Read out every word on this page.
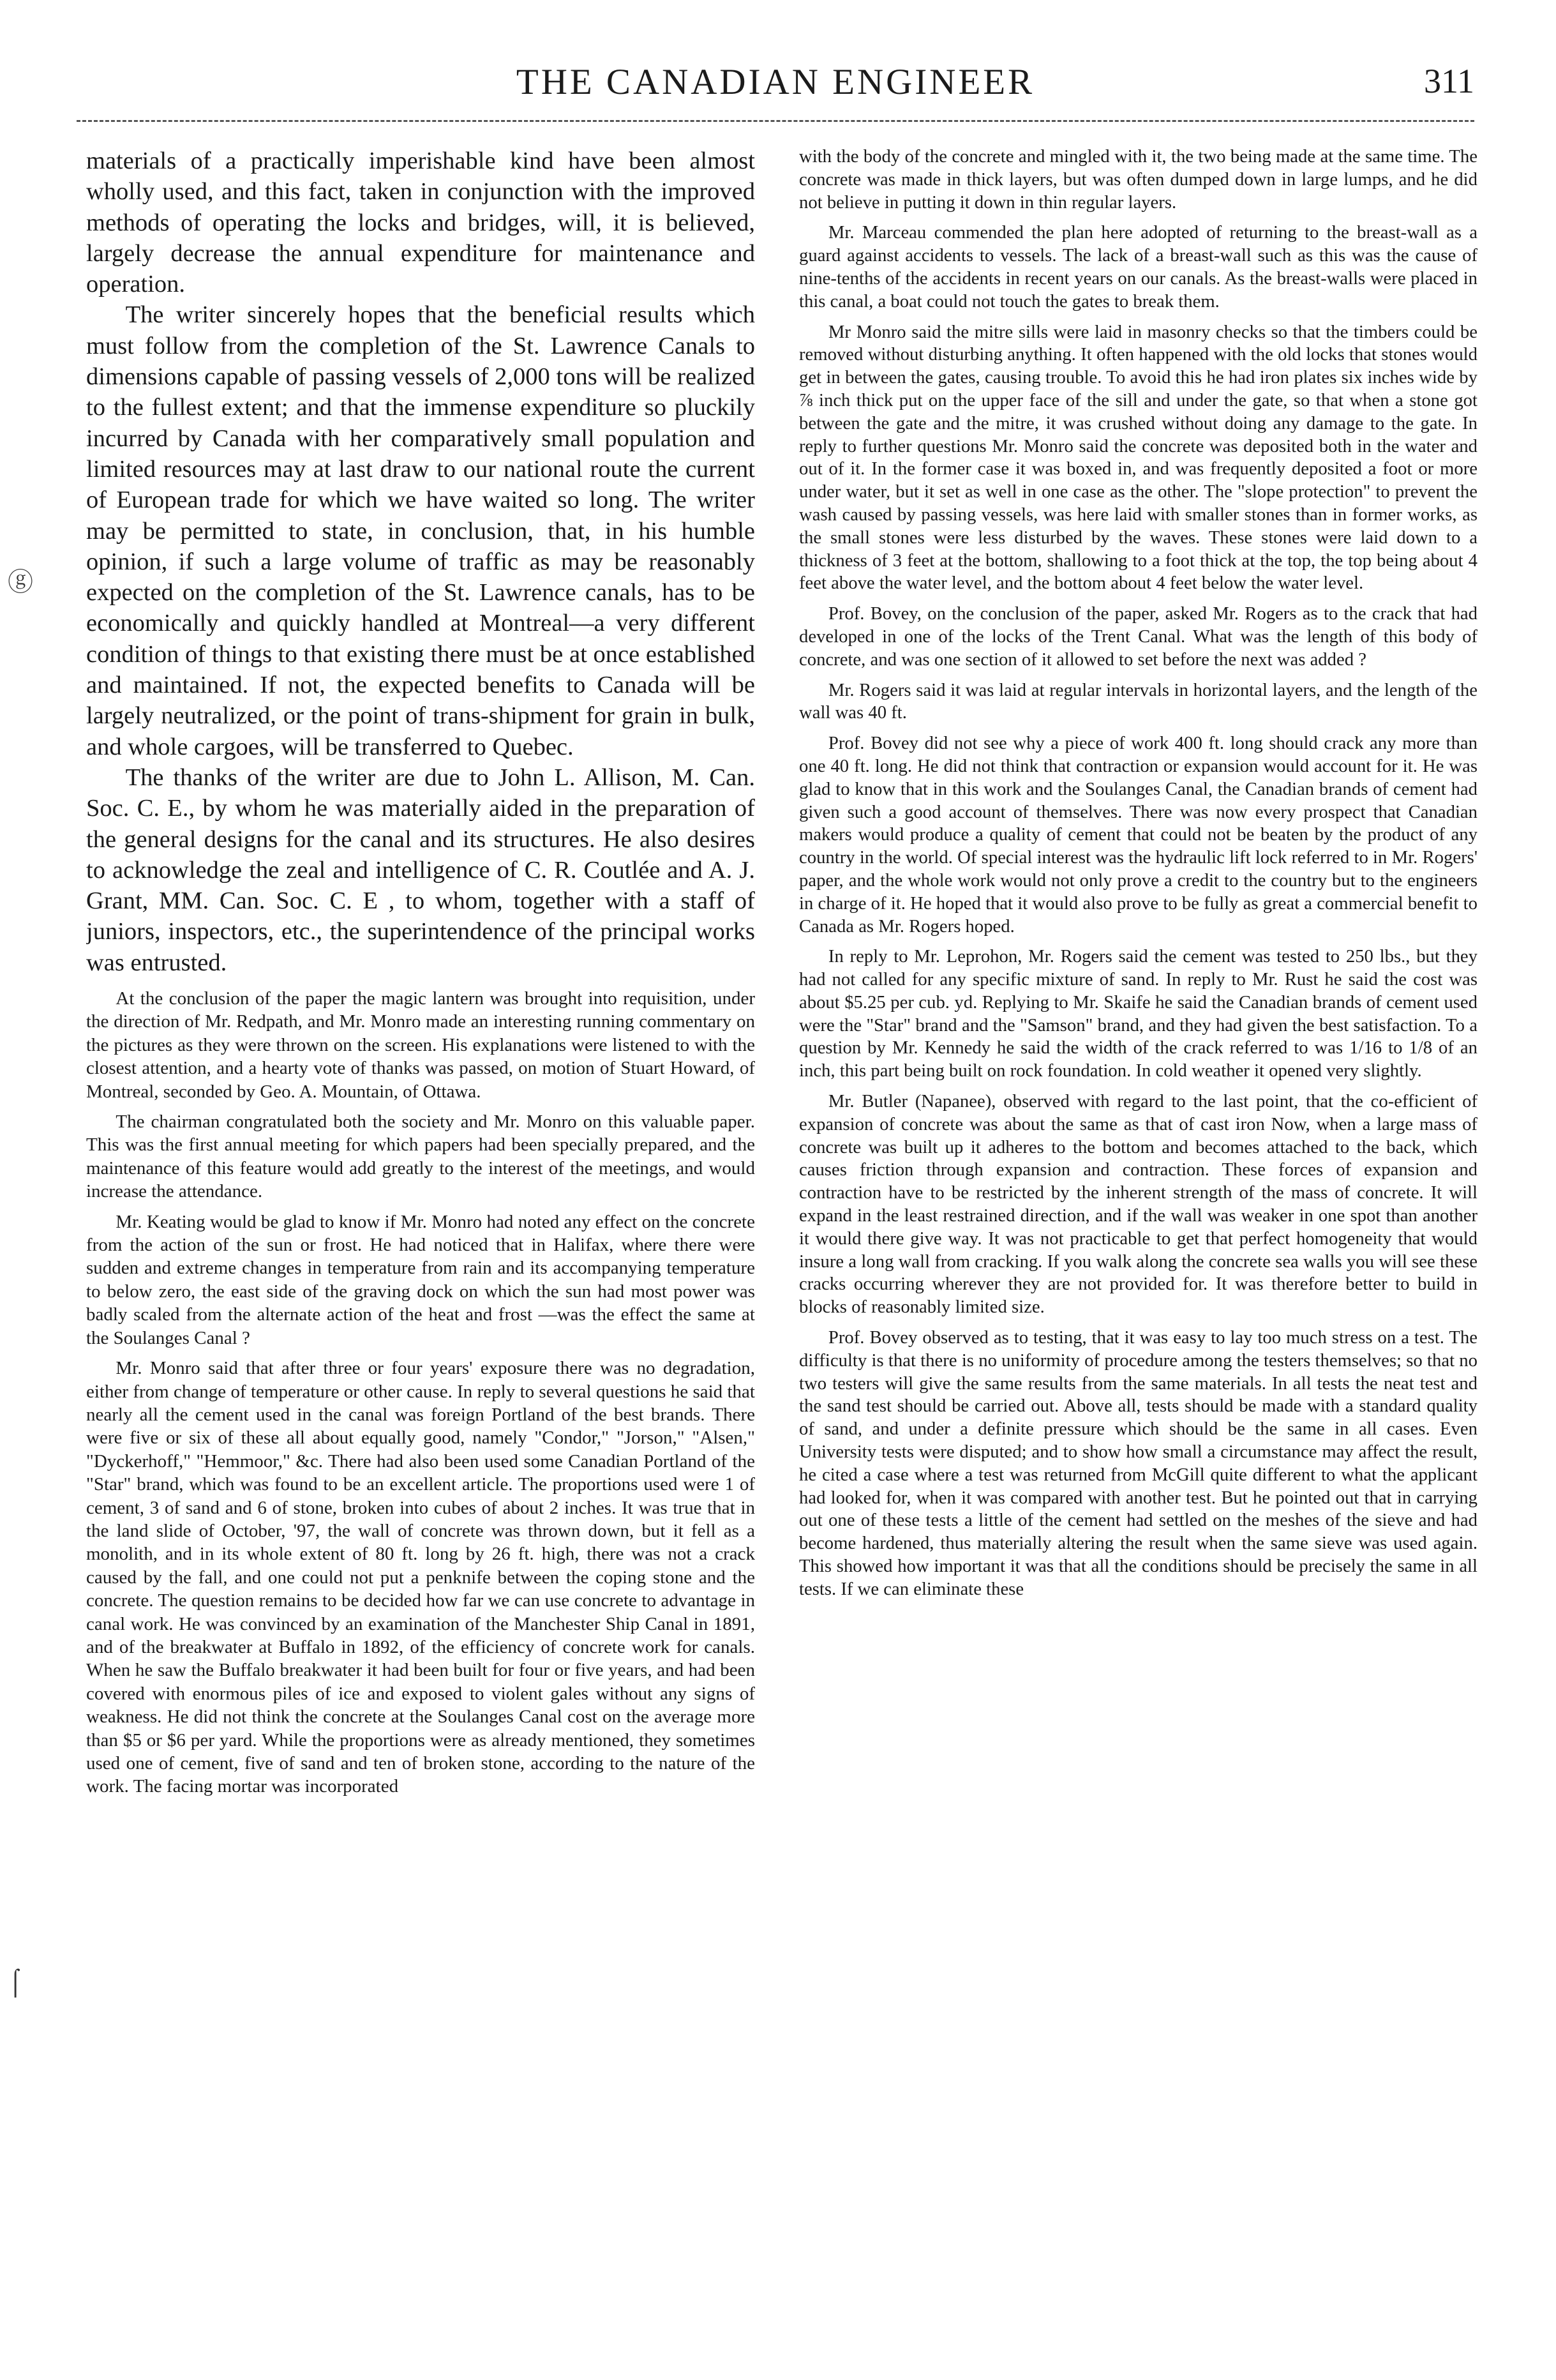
THE CANADIAN ENGINEER	311
ⓖ
⌠

materials of a practically imperishable kind have been almost wholly used, and this fact, taken in conjunction with the improved methods of operating the locks and bridges, will, it is believed, largely decrease the annual expenditure for maintenance and operation.

The writer sincerely hopes that the beneficial results which must follow from the completion of the St. Lawrence Canals to dimensions capable of passing vessels of 2,000 tons will be realized to the fullest extent; and that the immense expenditure so pluckily incurred by Canada with her comparatively small population and limited resources may at last draw to our national route the current of European trade for which we have waited so long. The writer may be permitted to state, in conclusion, that, in his humble opinion, if such a large volume of traffic as may be reasonably expected on the completion of the St. Lawrence canals, has to be economically and quickly handled at Montreal—a very different condition of things to that existing there must be at once established and maintained. If not, the expected benefits to Canada will be largely neutralized, or the point of trans-shipment for grain in bulk, and whole cargoes, will be transferred to Quebec.

The thanks of the writer are due to John L. Allison, M. Can. Soc. C. E., by whom he was materially aided in the preparation of the general designs for the canal and its structures. He also desires to acknowledge the zeal and intelligence of C. R. Coutlée and A. J. Grant, MM. Can. Soc. C. E , to whom, together with a staff of juniors, inspectors, etc., the superintendence of the principal works was entrusted.

At the conclusion of the paper the magic lantern was brought into requisition, under the direction of Mr. Redpath, and Mr. Monro made an interesting running commentary on the pictures as they were thrown on the screen. His explanations were listened to with the closest attention, and a hearty vote of thanks was passed, on motion of Stuart Howard, of Montreal, seconded by Geo. A. Mountain, of Ottawa.

The chairman congratulated both the society and Mr. Monro on this valuable paper. This was the first annual meeting for which papers had been specially prepared, and the maintenance of this feature would add greatly to the interest of the meetings, and would increase the attendance.

Mr. Keating would be glad to know if Mr. Monro had noted any effect on the concrete from the action of the sun or frost. He had noticed that in Halifax, where there were sudden and extreme changes in temperature from rain and its accompanying temperature to below zero, the east side of the graving dock on which the sun had most power was badly scaled from the alternate action of the heat and frost —was the effect the same at the Soulanges Canal ?

Mr. Monro said that after three or four years' exposure there was no degradation, either from change of temperature or other cause. In reply to several questions he said that nearly all the cement used in the canal was foreign Portland of the best brands. There were five or six of these all about equally good, namely "Condor," "Jorson," "Alsen," "Dyckerhoff," "Hemmoor," &c. There had also been used some Canadian Portland of the "Star" brand, which was found to be an excellent article. The proportions used were 1 of cement, 3 of sand and 6 of stone, broken into cubes of about 2 inches. It was true that in the land slide of October, '97, the wall of concrete was thrown down, but it fell as a monolith, and in its whole extent of 80 ft. long by 26 ft. high, there was not a crack caused by the fall, and one could not put a penknife between the coping stone and the concrete. The question remains to be decided how far we can use concrete to advantage in canal work. He was convinced by an examination of the Manchester Ship Canal in 1891, and of the breakwater at Buffalo in 1892, of the efficiency of concrete work for canals. When he saw the Buffalo breakwater it had been built for four or five years, and had been covered with enormous piles of ice and exposed to violent gales without any signs of weakness. He did not think the concrete at the Soulanges Canal cost on the average more than $5 or $6 per yard. While the proportions were as already mentioned, they sometimes used one of cement, five of sand and ten of broken stone, according to the nature of the work. The facing mortar was incorporated

with the body of the concrete and mingled with it, the two being made at the same time. The concrete was made in thick layers, but was often dumped down in large lumps, and he did not believe in putting it down in thin regular layers.

Mr. Marceau commended the plan here adopted of returning to the breast-wall as a guard against accidents to vessels. The lack of a breast-wall such as this was the cause of nine-tenths of the accidents in recent years on our canals. As the breast-walls were placed in this canal, a boat could not touch the gates to break them.

Mr Monro said the mitre sills were laid in masonry checks so that the timbers could be removed without disturbing anything. It often happened with the old locks that stones would get in between the gates, causing trouble. To avoid this he had iron plates six inches wide by ⅞ inch thick put on the upper face of the sill and under the gate, so that when a stone got between the gate and the mitre, it was crushed without doing any damage to the gate. In reply to further questions Mr. Monro said the concrete was deposited both in the water and out of it. In the former case it was boxed in, and was frequently deposited a foot or more under water, but it set as well in one case as the other. The "slope protection" to prevent the wash caused by passing vessels, was here laid with smaller stones than in former works, as the small stones were less disturbed by the waves. These stones were laid down to a thickness of 3 feet at the bottom, shallowing to a foot thick at the top, the top being about 4 feet above the water level, and the bottom about 4 feet below the water level.

Prof. Bovey, on the conclusion of the paper, asked Mr. Rogers as to the crack that had developed in one of the locks of the Trent Canal. What was the length of this body of concrete, and was one section of it allowed to set before the next was added ?

Mr. Rogers said it was laid at regular intervals in horizontal layers, and the length of the wall was 40 ft.

Prof. Bovey did not see why a piece of work 400 ft. long should crack any more than one 40 ft. long. He did not think that contraction or expansion would account for it. He was glad to know that in this work and the Soulanges Canal, the Canadian brands of cement had given such a good account of themselves. There was now every prospect that Canadian makers would produce a quality of cement that could not be beaten by the product of any country in the world. Of special interest was the hydraulic lift lock referred to in Mr. Rogers' paper, and the whole work would not only prove a credit to the country but to the engineers in charge of it. He hoped that it would also prove to be fully as great a commercial benefit to Canada as Mr. Rogers hoped.

In reply to Mr. Leprohon, Mr. Rogers said the cement was tested to 250 lbs., but they had not called for any specific mixture of sand. In reply to Mr. Rust he said the cost was about $5.25 per cub. yd. Replying to Mr. Skaife he said the Canadian brands of cement used were the "Star" brand and the "Samson" brand, and they had given the best satisfaction. To a question by Mr. Kennedy he said the width of the crack referred to was 1/16 to 1/8 of an inch, this part being built on rock foundation. In cold weather it opened very slightly.

Mr. Butler (Napanee), observed with regard to the last point, that the co-efficient of expansion of concrete was about the same as that of cast iron Now, when a large mass of concrete was built up it adheres to the bottom and becomes attached to the back, which causes friction through expansion and contraction. These forces of expansion and contraction have to be restricted by the inherent strength of the mass of concrete. It will expand in the least restrained direction, and if the wall was weaker in one spot than another it would there give way. It was not practicable to get that perfect homogeneity that would insure a long wall from cracking. If you walk along the concrete sea walls you will see these cracks occurring wherever they are not provided for. It was therefore better to build in blocks of reasonably limited size.

Prof. Bovey observed as to testing, that it was easy to lay too much stress on a test. The difficulty is that there is no uniformity of procedure among the testers themselves; so that no two testers will give the same results from the same materials. In all tests the neat test and the sand test should be carried out. Above all, tests should be made with a standard quality of sand, and under a definite pressure which should be the same in all cases. Even University tests were disputed; and to show how small a circumstance may affect the result, he cited a case where a test was returned from McGill quite different to what the applicant had looked for, when it was compared with another test. But he pointed out that in carrying out one of these tests a little of the cement had settled on the meshes of the sieve and had become hardened, thus materially altering the result when the same sieve was used again. This showed how important it was that all the conditions should be precisely the same in all tests. If we can eliminate these
